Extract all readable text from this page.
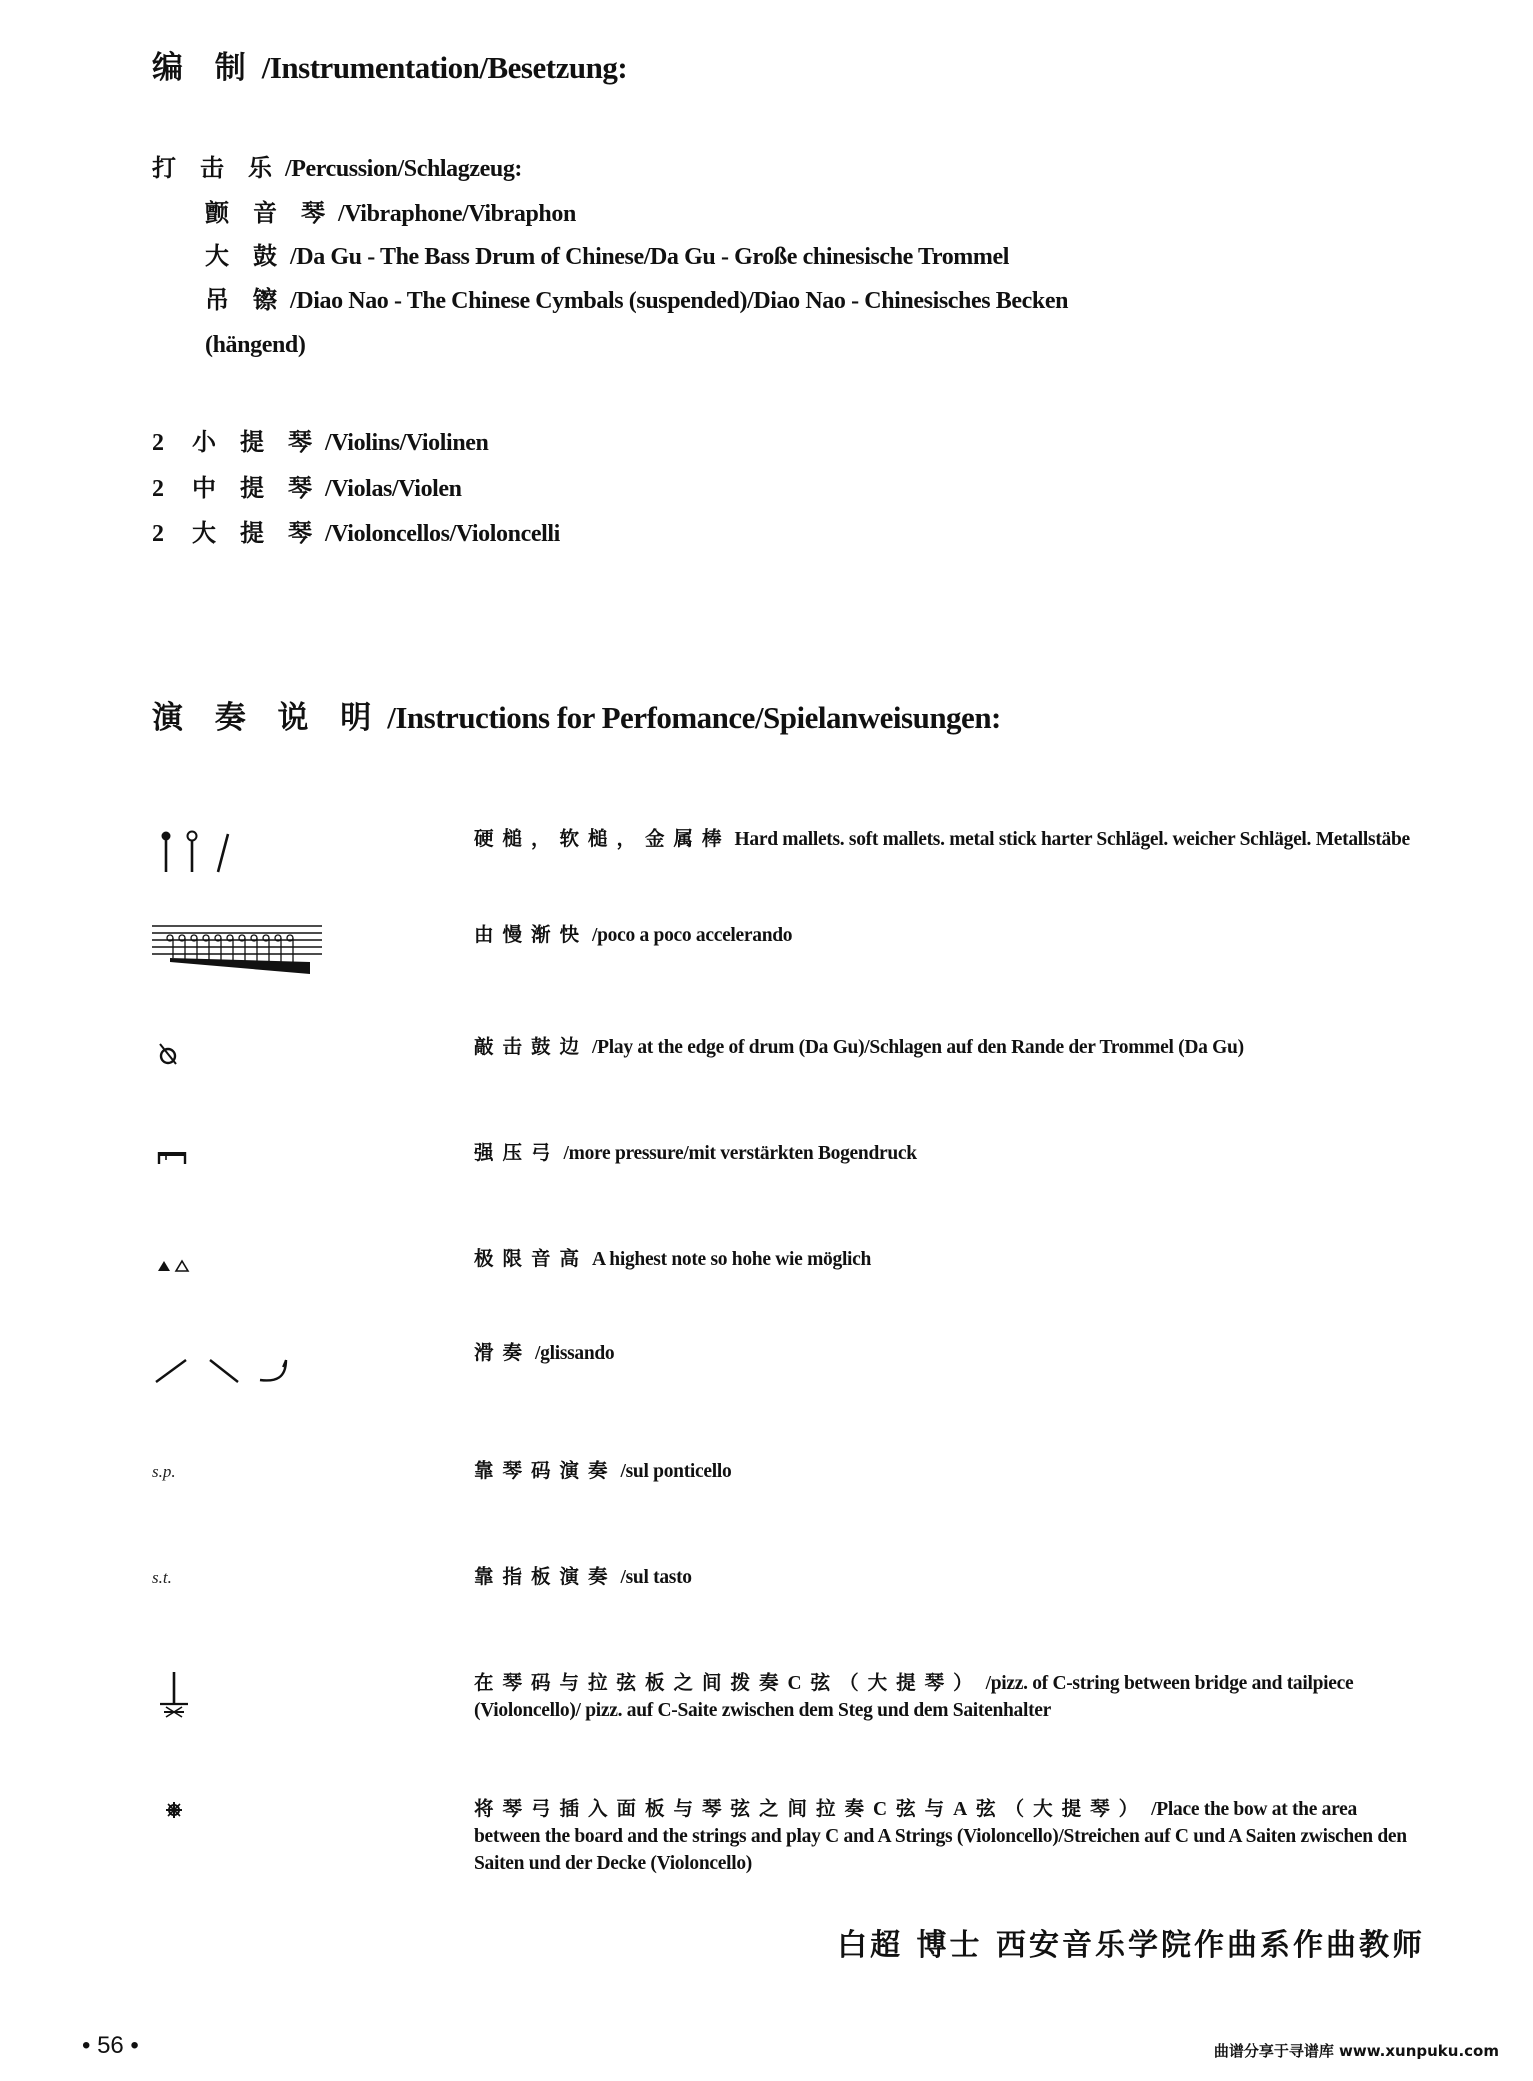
编 制 /Instrumentation/Besetzung:
打 击 乐 /Percussion/Schlagzeug:
颤 音 琴 /Vibraphone/Vibraphon
大 鼓 /Da Gu - The Bass Drum of Chinese/Da Gu - Große chinesische Trommel
吊 镲 /Diao Nao - The Chinese Cymbals (suspended)/Diao Nao - Chinesisches Becken
(hängend)
2 小 提 琴 /Violins/Violinen
2 中 提 琴 /Violas/Violen
2 大 提 琴 /Violoncellos/Violoncelli
演 奏 说 明 /Instructions for Perfomance/Spielanweisungen:
硬槌，软槌，金属棒 Hard mallets. soft mallets. metal stick harter Schlägel. weicher Schlägel. Metallstäbe
由慢渐快 /poco a poco accelerando
敲击鼓边 /Play at the edge of drum (Da Gu)/Schlagen auf den Rande der Trommel (Da Gu)
强压弓 /more pressure/mit verstärkten Bogendruck
极限音高 A highest note so hohe wie möglich
滑奏 /glissando
s.p.	靠琴码演奏 /sul ponticello
s.t.	靠指板演奏 /sul tasto
在琴码与拉弦板之间拨奏C弦（大提琴） /pizz. of C-string between bridge and tailpiece (Violoncello)/ pizz. auf C-Saite zwischen dem Steg und dem Saitenhalter
将琴弓插入面板与琴弦之间拉奏C弦与A弦（大提琴） /Place the bow at the area between the board and the strings and play C and A Strings (Violoncello)/Streichen auf C und A Saiten zwischen den Saiten und der Decke (Violoncello)
白超 博士 西安音乐学院作曲系作曲教师
• 56 •	曲谱分享于寻谱库 www.xunpuku.com
